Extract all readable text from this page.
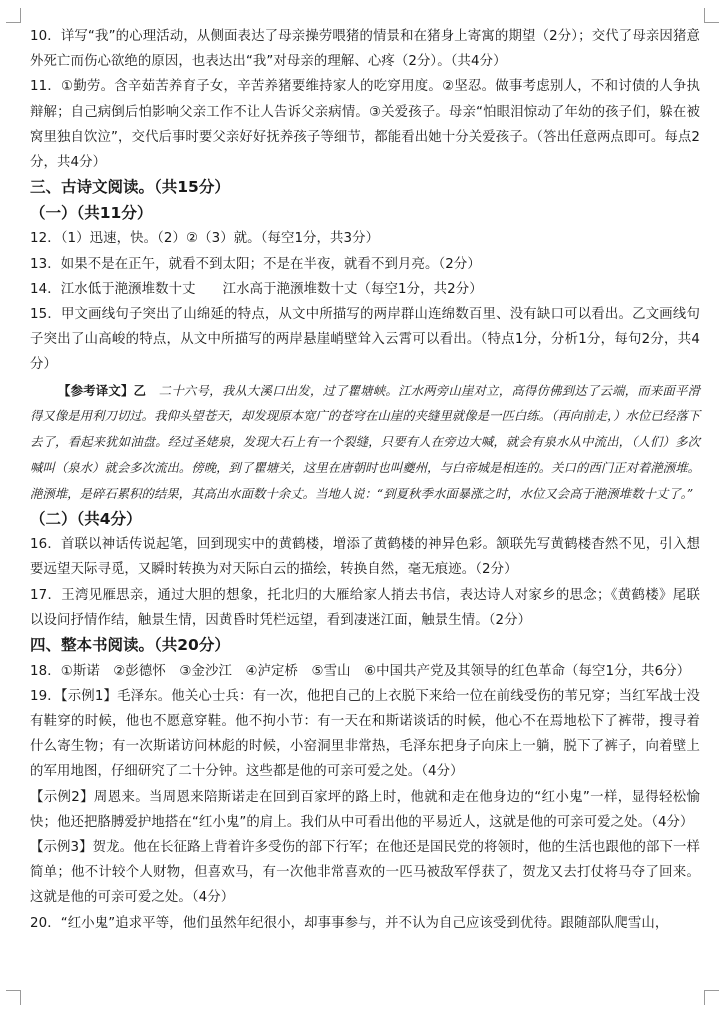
10．详写“我”的心理活动，从侧面表达了母亲操劳喂猪的情景和在猪身上寄寓的期望（2分）；交代了母亲因猪意外死亡而伤心欲绝的原因，也表达出“我”对母亲的理解、心疼（2分）。（共4分）

11．①勤劳。含辛茹苦养育子女，辛苦养猪要维持家人的吃穿用度。②坚忍。做事考虑别人，不和讨债的人争执辩解；自己病倒后怕影响父亲工作不让人告诉父亲病情。③关爱孩子。母亲“怕眼泪惊动了年幼的孩子们，躲在被窝里独自饮泣”，交代后事时要父亲好好抚养孩子等细节，都能看出她十分关爱孩子。（答出任意两点即可。每点2分，共4分）

三、古诗文阅读。（共15分）

（一）（共11分）

12．（1）迅速，快。（2）②（3）就。（每空1分，共3分）

13．如果不是在正午，就看不到太阳；不是在半夜，就看不到月亮。（2分）

14．江水低于滟滪堆数十丈　　江水高于滟滪堆数十丈（每空1分，共2分）

15．甲文画线句子突出了山绵延的特点，从文中所描写的两岸群山连绵数百里、没有缺口可以看出。乙文画线句子突出了山高峻的特点，从文中所描写的两岸悬崖峭壁耸入云霄可以看出。（特点1分，分析1分，每句2分，共4分）

【参考译文】乙　 二十六号，我从大溪口出发，过了瞿塘峡。江水两旁山崖对立，高得仿佛到达了云端，而来面平滑得又像是用利刀切过。我仰头望苍天，却发现原本宽广的苍穹在山崖的夹缝里就像是一匹白练。（再向前走，）水位已经落下去了，看起来犹如油盘。经过圣姥泉，发现大石上有一个裂缝，只要有人在旁边大喊，就会有泉水从中流出，（人们）多次喊叫（泉水）就会多次流出。傍晚，到了瞿塘关，这里在唐朝时也叫夔州，与白帝城是相连的。关口的西门正对着滟滪堆。滟滪堆，是碎石累积的结果，其高出水面数十余丈。当地人说：“到夏秋季水面暴涨之时，水位又会高于滟滪堆数十丈了。”

（二）（共4分）

16．首联以神话传说起笔，回到现实中的黄鹤楼，增添了黄鹤楼的神异色彩。颔联先写黄鹤楼杳然不见，引入想要远望天际寻觅，又瞬时转换为对天际白云的描绘，转换自然，毫无痕迹。（2分）

17．王湾见雁思亲，通过大胆的想象，托北归的大雁给家人捎去书信，表达诗人对家乡的思念；《黄鹤楼》尾联以设问抒情作结，触景生情，因黄昏时凭栏远望，看到凄迷江面，触景生情。（2分）

四、整本书阅读。（共20分）

18．①斯诺　②彭德怀　③金沙江　④泸定桥　⑤雪山　⑥中国共产党及其领导的红色革命（每空1分，共6分）

19．【示例1】毛泽东。他关心士兵：有一次，他把自己的上衣脱下来给一位在前线受伤的苇兄穿；当红军战士没有鞋穿的时候，他也不愿意穿鞋。他不拘小节：有一天在和斯诺谈话的时候，他心不在焉地松下了裤带，搜寻着什么寄生物；有一次斯诺访问林彪的时候，小窑洞里非常热，毛泽东把身子向床上一躺，脱下了裤子，向着壁上的军用地图，仔细研究了二十分钟。这些都是他的可亲可爱之处。（4分）

【示例2】周恩来。当周恩来陪斯诺走在回到百家坪的路上时，他就和走在他身边的“红小鬼”一样，显得轻松愉快；他还把胳膊爱护地搭在“红小鬼”的肩上。我们从中可看出他的平易近人，这就是他的可亲可爱之处。（4分）

【示例3】贺龙。他在长征路上背着许多受伤的部下行军；在他还是国民党的将领时，他的生活也跟他的部下一样简单；他不计较个人财物，但喜欢马，有一次他非常喜欢的一匹马被敌军俘获了，贺龙又去打仗将马夺了回来。这就是他的可亲可爱之处。（4分）

20．“红小鬼”追求平等，他们虽然年纪很小，却事事参与，并不认为自己应该受到优待。跟随部队爬雪山，
